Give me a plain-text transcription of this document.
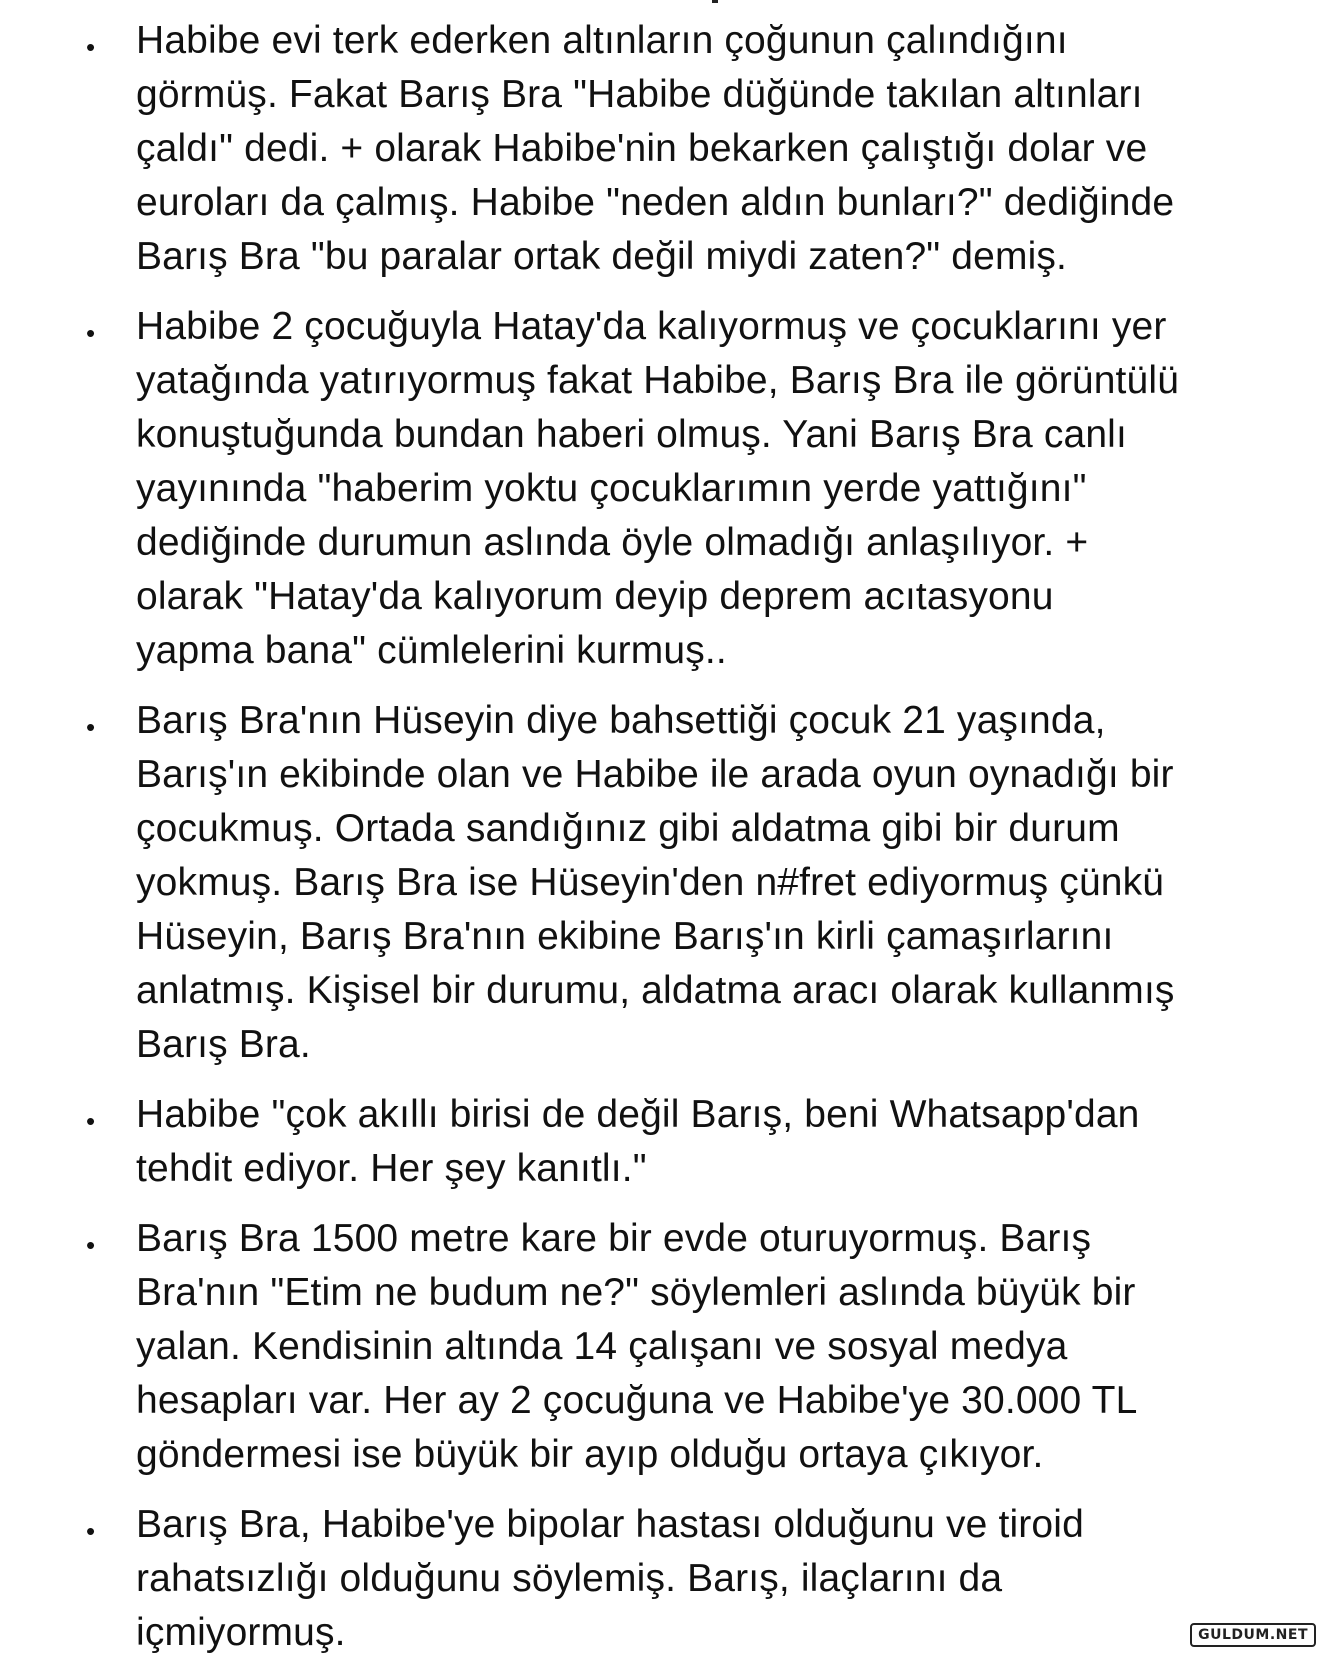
• Habibe evi terk ederken altınların çoğunun çalındığını
görmüş. Fakat Barış Bra "Habibe düğünde takılan altınları
çaldı" dedi. + olarak Habibe'nin bekarken çalıştığı dolar ve
euroları da çalmış. Habibe "neden aldın bunları?" dediğinde
Barış Bra "bu paralar ortak değil miydi zaten?" demiş.
• Habibe 2 çocuğuyla Hatay'da kalıyormuş ve çocuklarını yer
yatağında yatırıyormuş fakat Habibe, Barış Bra ile görüntülü
konuştuğunda bundan haberi olmuş. Yani Barış Bra canlı
yayınında "haberim yoktu çocuklarımın yerde yattığını"
dediğinde durumun aslında öyle olmadığı anlaşılıyor. +
olarak "Hatay'da kalıyorum deyip deprem acıtasyonu
yapma bana" cümlelerini kurmuş..
• Barış Bra'nın Hüseyin diye bahsettiği çocuk 21 yaşında,
Barış'ın ekibinde olan ve Habibe ile arada oyun oynadığı bir
çocukmuş. Ortada sandığınız gibi aldatma gibi bir durum
yokmuş. Barış Bra ise Hüseyin'den n#fret ediyormuş çünkü
Hüseyin, Barış Bra'nın ekibine Barış'ın kirli çamaşırlarını
anlatmış. Kişisel bir durumu, aldatma aracı olarak kullanmış
Barış Bra.
• Habibe "çok akıllı birisi de değil Barış, beni Whatsapp'dan
tehdit ediyor. Her şey kanıtlı."
• Barış Bra 1500 metre kare bir evde oturuyormuş. Barış
Bra'nın "Etim ne budum ne?" söylemleri aslında büyük bir
yalan. Kendisinin altında 14 çalışanı ve sosyal medya
hesapları var. Her ay 2 çocuğuna ve Habibe'ye 30.000 TL
göndermesi ise büyük bir ayıp olduğu ortaya çıkıyor.
• Barış Bra, Habibe'ye bipolar hastası olduğunu ve tiroid
rahatsızlığı olduğunu söylemiş. Barış, ilaçlarını da
içmiyormuş.	GULDUM.NET
